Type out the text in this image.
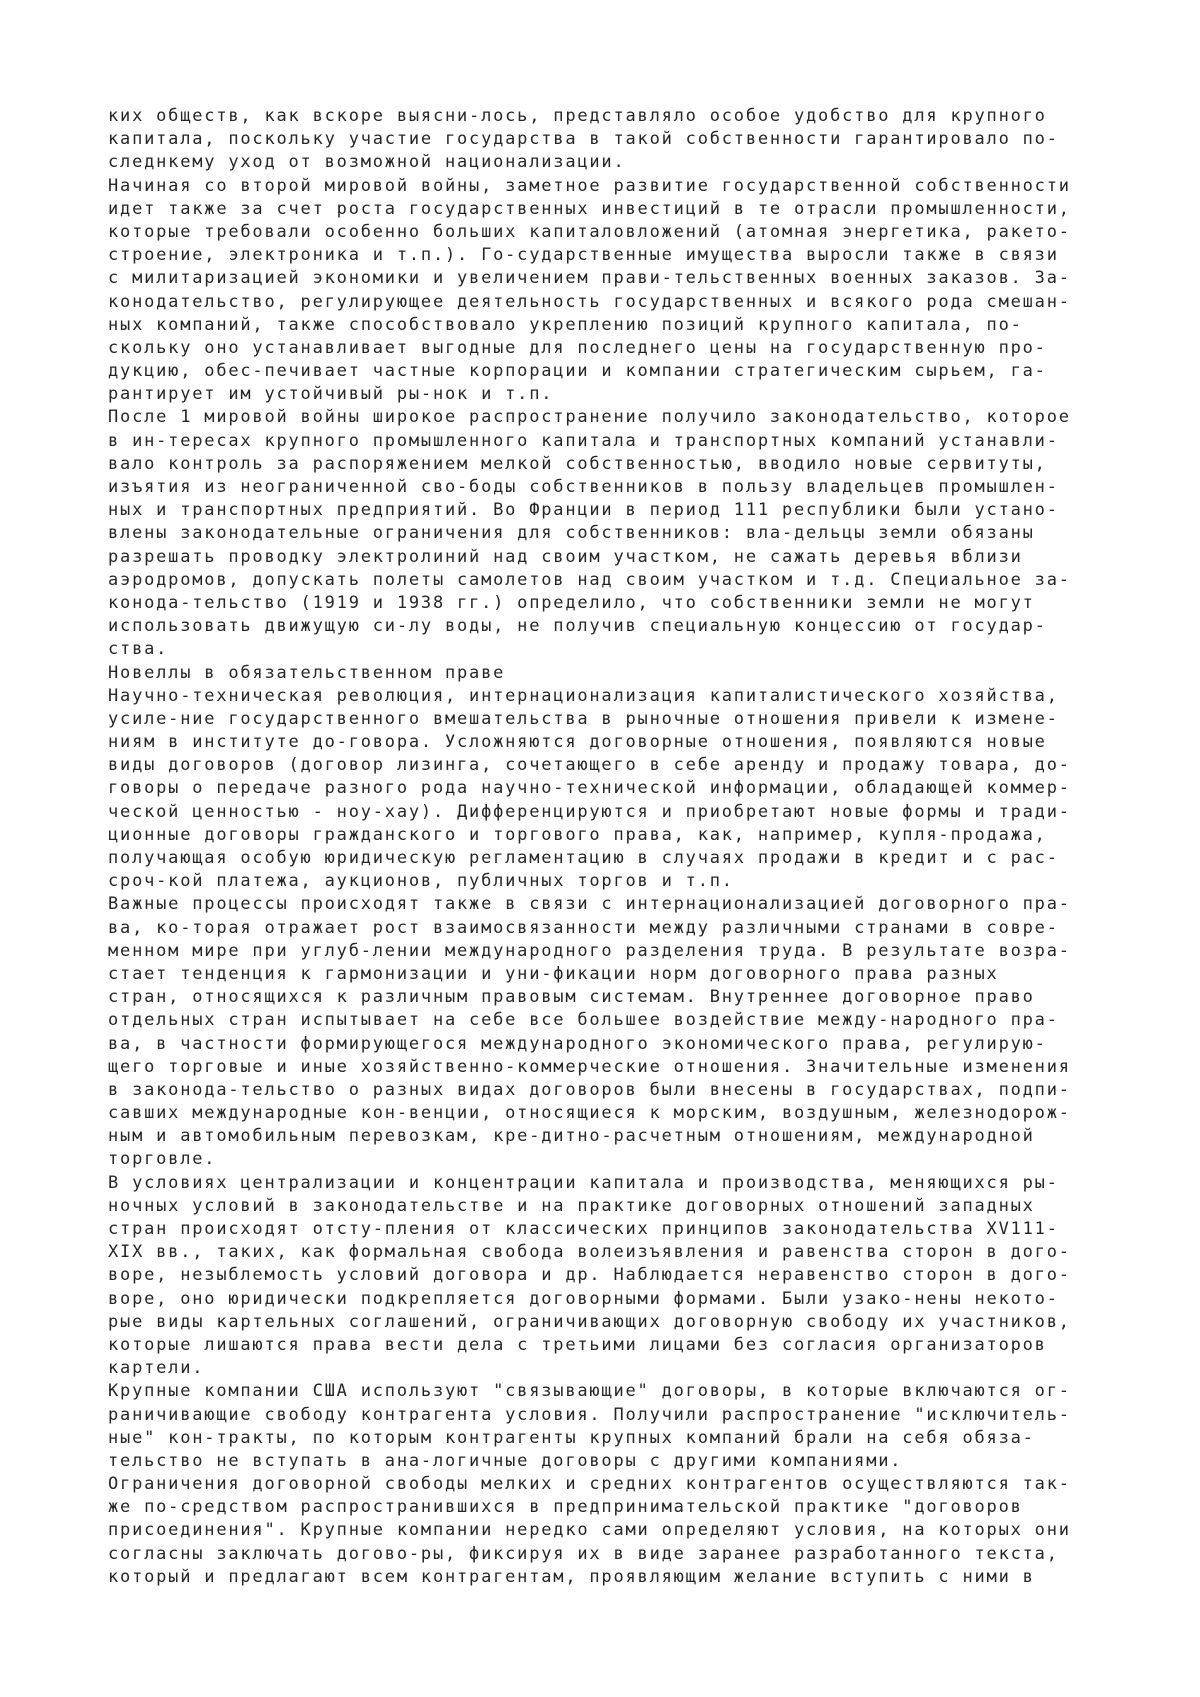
ких обществ, как вскоре выясни-лось, представляло особое удобство для крупного
капитала, поскольку участие государства в такой собственности гарантировало по-
следнкему уход от возможной национализации.
Начиная со второй мировой войны, заметное развитие государственной собственности
идет также за счет роста государственных инвестиций в те отрасли промышленности,
которые требовали особенно больших капиталовложений (атомная энергетика, ракето-
строение, электроника и т.п.). Го-сударственные имущества выросли также в связи
с милитаризацией экономики и увеличением прави-тельственных военных заказов. За-
конодательство, регулирующее деятельность государственных и всякого рода смешан-
ных компаний, также способствовало укреплению позиций крупного капитала, по-
скольку оно устанавливает выгодные для последнего цены на государственную про-
дукцию, обес-печивает частные корпорации и компании стратегическим сырьем, га-
рантирует им устойчивый ры-нок и т.п.
После 1 мировой войны широкое распространение получило законодательство, которое
в ин-тересах крупного промышленного капитала и транспортных компаний устанавли-
вало контроль за распоряжением мелкой собственностью, вводило новые сервитуты,
изъятия из неограниченной сво-боды собственников в пользу владельцев промышлен-
ных и транспортных предприятий. Во Франции в период 111 республики были устано-
влены законодательные ограничения для собственников: вла-дельцы земли обязаны
разрешать проводку электролиний над своим участком, не сажать деревья вблизи
аэродромов, допускать полеты самолетов над своим участком и т.д. Специальное за-
конода-тельство (1919 и 1938 гг.) определило, что собственники земли не могут
использовать движущую си-лу воды, не получив специальную концессию от государ-
ства.
Новеллы в обязательственном праве
Научно-техническая революция, интернационализация капиталистического хозяйства,
усиле-ние государственного вмешательства в рыночные отношения привели к измене-
ниям в институте до-говора. Усложняются договорные отношения, появляются новые
виды договоров (договор лизинга, сочетающего в себе аренду и продажу товара, до-
говоры о передаче разного рода научно-технической информации, обладающей коммер-
ческой ценностью - ноу-хау). Дифференцируются и приобретают новые формы и тради-
ционные договоры гражданского и торгового права, как, например, купля-продажа,
получающая особую юридическую регламентацию в случаях продажи в кредит и с рас-
сроч-кой платежа, аукционов, публичных торгов и т.п.
Важные процессы происходят также в связи с интернационализацией договорного пра-
ва, ко-торая отражает рост взаимосвязанности между различными странами в совре-
менном мире при углуб-лении международного разделения труда. В результате возра-
стает тенденция к гармонизации и уни-фикации норм договорного права разных
стран, относящихся к различным правовым системам. Внутреннее договорное право
отдельных стран испытывает на себе все большее воздействие между-народного пра-
ва, в частности формирующегося международного экономического права, регулирую-
щего торговые и иные хозяйственно-коммерческие отношения. Значительные изменения
в законода-тельство о разных видах договоров были внесены в государствах, подпи-
савших международные кон-венции, относящиеся к морским, воздушным, железнодорож-
ным и автомобильным перевозкам, кре-дитно-расчетным отношениям, международной
торговле.
В условиях централизации и концентрации капитала и производства, меняющихся ры-
ночных условий в законодательстве и на практике договорных отношений западных
стран происходят отсту-пления от классических принципов законодательства XV111-
XIX вв., таких, как формальная свобода волеизъявления и равенства сторон в дого-
воре, незыблемость условий договора и др. Наблюдается неравенство сторон в дого-
воре, оно юридически подкрепляется договорными формами. Были узако-нены некото-
рые виды картельных соглашений, ограничивающих договорную свободу их участников,
которые лишаются права вести дела с третьими лицами без согласия организаторов
картели.
Крупные компании США используют "связывающие" договоры, в которые включаются ог-
раничивающие свободу контрагента условия. Получили распространение "исключитель-
ные" кон-тракты, по которым контрагенты крупных компаний брали на себя обяза-
тельство не вступать в ана-логичные договоры с другими компаниями.
Ограничения договорной свободы мелких и средних контрагентов осуществляются так-
же по-средством распространившихся в предпринимательской практике "договоров
присоединения". Крупные компании нередко сами определяют условия, на которых они
согласны заключать догово-ры, фиксируя их в виде заранее разработанного текста,
который и предлагают всем контрагентам, проявляющим желание вступить с ними в
